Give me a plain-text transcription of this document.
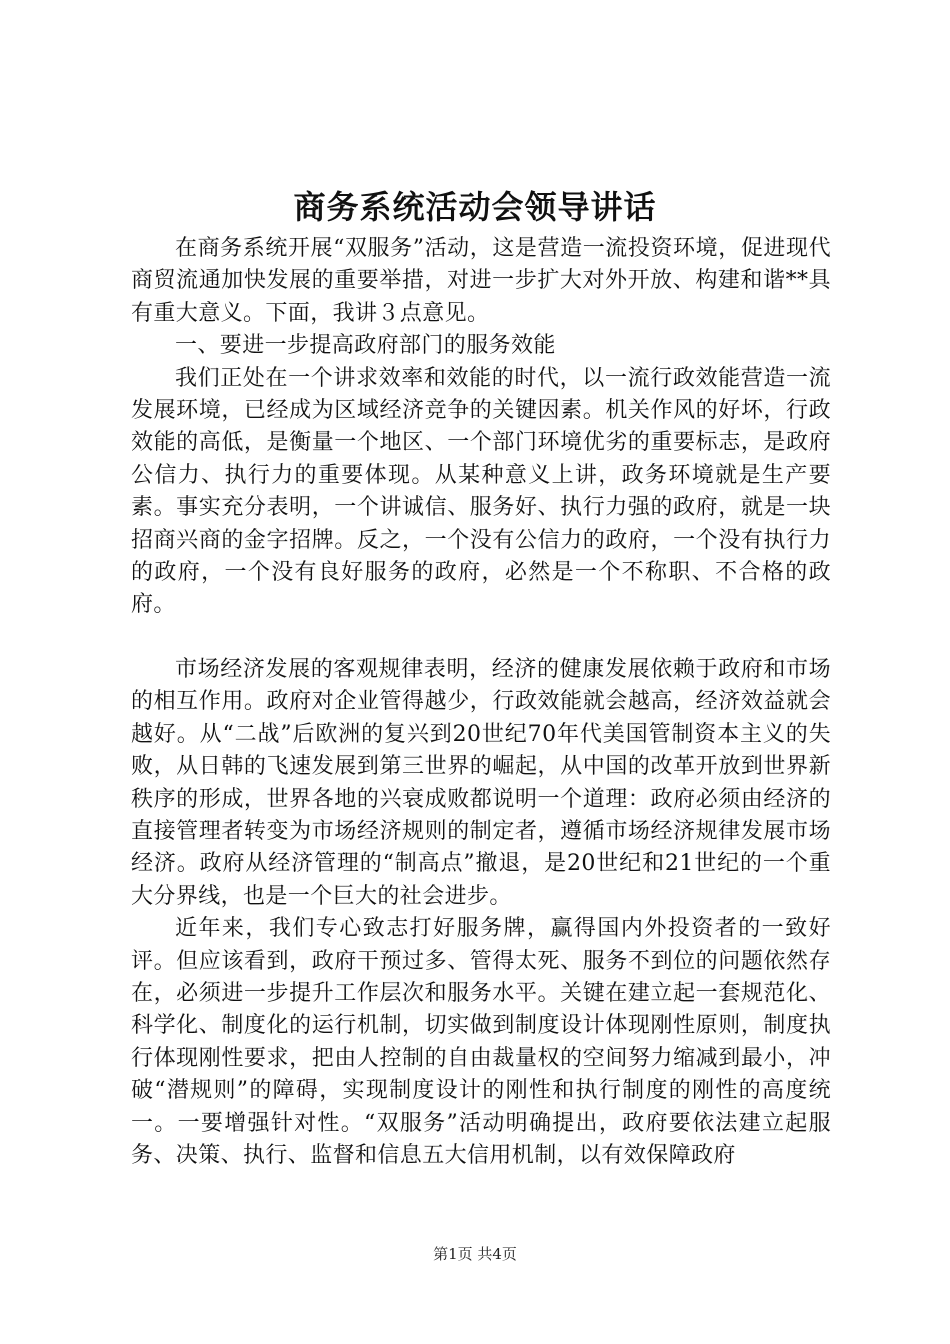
商务系统活动会领导讲话

在商务系统开展“双服务”活动，这是营造一流投资环境，促进现代商贸流通加快发展的重要举措，对进一步扩大对外开放、构建和谐**具有重大意义。下面，我讲３点意见。

一、要进一步提高政府部门的服务效能

我们正处在一个讲求效率和效能的时代，以一流行政效能营造一流发展环境，已经成为区域经济竞争的关键因素。机关作风的好坏，行政效能的高低，是衡量一个地区、一个部门环境优劣的重要标志，是政府公信力、执行力的重要体现。从某种意义上讲，政务环境就是生产要素。事实充分表明，一个讲诚信、服务好、执行力强的政府，就是一块招商兴商的金字招牌。反之，一个没有公信力的政府，一个没有执行力的政府，一个没有良好服务的政府，必然是一个不称职、不合格的政府。

市场经济发展的客观规律表明，经济的健康发展依赖于政府和市场的相互作用。政府对企业管得越少，行政效能就会越高，经济效益就会越好。从“二战”后欧洲的复兴到20世纪70年代美国管制资本主义的失败，从日韩的飞速发展到第三世界的崛起，从中国的改革开放到世界新秩序的形成，世界各地的兴衰成败都说明一个道理：政府必须由经济的直接管理者转变为市场经济规则的制定者，遵循市场经济规律发展市场经济。政府从经济管理的“制高点”撤退，是20世纪和21世纪的一个重大分界线，也是一个巨大的社会进步。

近年来，我们专心致志打好服务牌，赢得国内外投资者的一致好评。但应该看到，政府干预过多、管得太死、服务不到位的问题依然存在，必须进一步提升工作层次和服务水平。关键在建立起一套规范化、科学化、制度化的运行机制，切实做到制度设计体现刚性原则，制度执行体现刚性要求，把由人控制的自由裁量权的空间努力缩减到最小，冲破“潜规则”的障碍，实现制度设计的刚性和执行制度的刚性的高度统一。一要增强针对性。“双服务”活动明确提出，政府要依法建立起服务、决策、执行、监督和信息五大信用机制，以有效保障政府

第1页 共4页
